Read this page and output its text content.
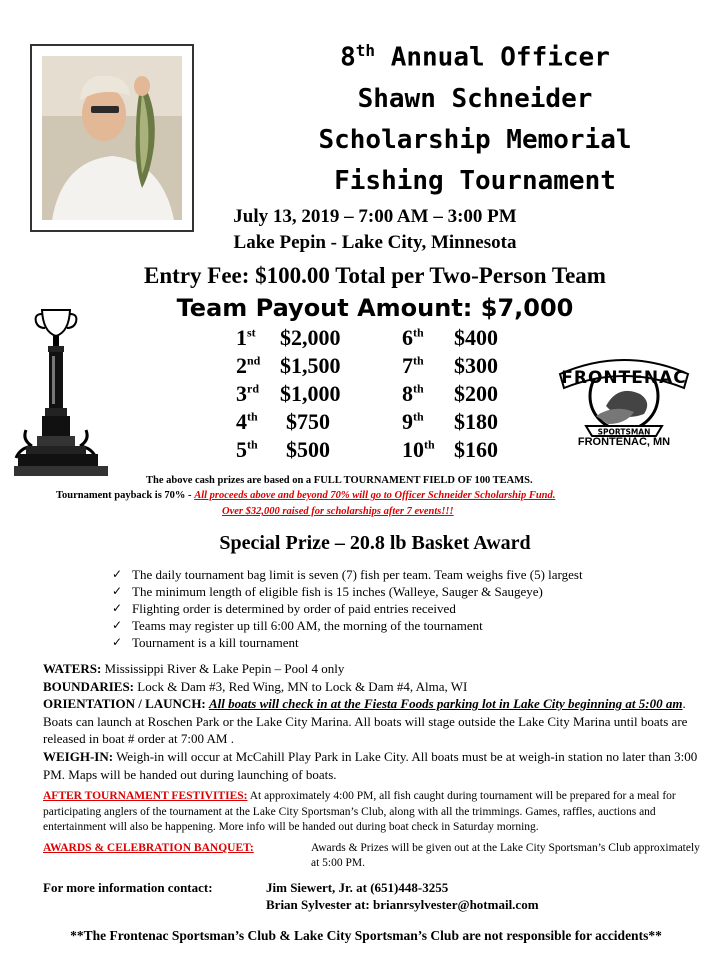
8th Annual Officer
Shawn Schneider
Scholarship Memorial
Fishing Tournament
July 13, 2019 – 7:00 AM – 3:00 PM
Lake Pepin - Lake City, Minnesota
Entry Fee: $100.00 Total per Two-Person Team
Team Payout Amount: $7,000
1st $2,000
2nd $1,500
3rd $1,000
4th $750
5th $500
6th $400
7th $300
8th $200
9th $180
10th $160
FRONTENAC
SPORTSMAN
FRONTENAC, MN
The above cash prizes are based on a FULL TOURNAMENT FIELD OF 100 TEAMS.
Tournament payback is 70% - All proceeds above and beyond 70% will go to Officer Schneider Scholarship Fund.
Over $32,000 raised for scholarships after 7 events!!!
Special Prize – 20.8 lb Basket Award
✓ The daily tournament bag limit is seven (7) fish per team. Team weighs five (5) largest
✓ The minimum length of eligible fish is 15 inches (Walleye, Sauger & Saugeye)
✓ Flighting order is determined by order of paid entries received
✓ Teams may register up till 6:00 AM, the morning of the tournament
✓ Tournament is a kill tournament
WATERS: Mississippi River & Lake Pepin – Pool 4 only
BOUNDARIES: Lock & Dam #3, Red Wing, MN to Lock & Dam #4, Alma, WI
ORIENTATION / LAUNCH: All boats will check in at the Fiesta Foods parking lot in Lake City beginning at 5:00 am. Boats can launch at Roschen Park or the Lake City Marina. All boats will stage outside the Lake City Marina until boats are released in boat # order at 7:00 AM .
WEIGH-IN: Weigh-in will occur at McCahill Play Park in Lake City. All boats must be at weigh-in station no later than 3:00 PM. Maps will be handed out during launching of boats.
AFTER TOURNAMENT FESTIVITIES: At approximately 4:00 PM, all fish caught during tournament will be prepared for a meal for participating anglers of the tournament at the Lake City Sportsman’s Club, along with all the trimmings. Games, raffles, auctions and entertainment will also be happening. More info will be handed out during boat check in Saturday morning.
AWARDS & CELEBRATION BANQUET:	Awards & Prizes will be given out at the Lake City Sportsman’s Club approximately at 5:00 PM.
For more information contact:	Jim Siewert, Jr. at (651)448-3255
Brian Sylvester at: brianrsylvester@hotmail.com
**The Frontenac Sportsman’s Club & Lake City Sportsman’s Club are not responsible for accidents**
